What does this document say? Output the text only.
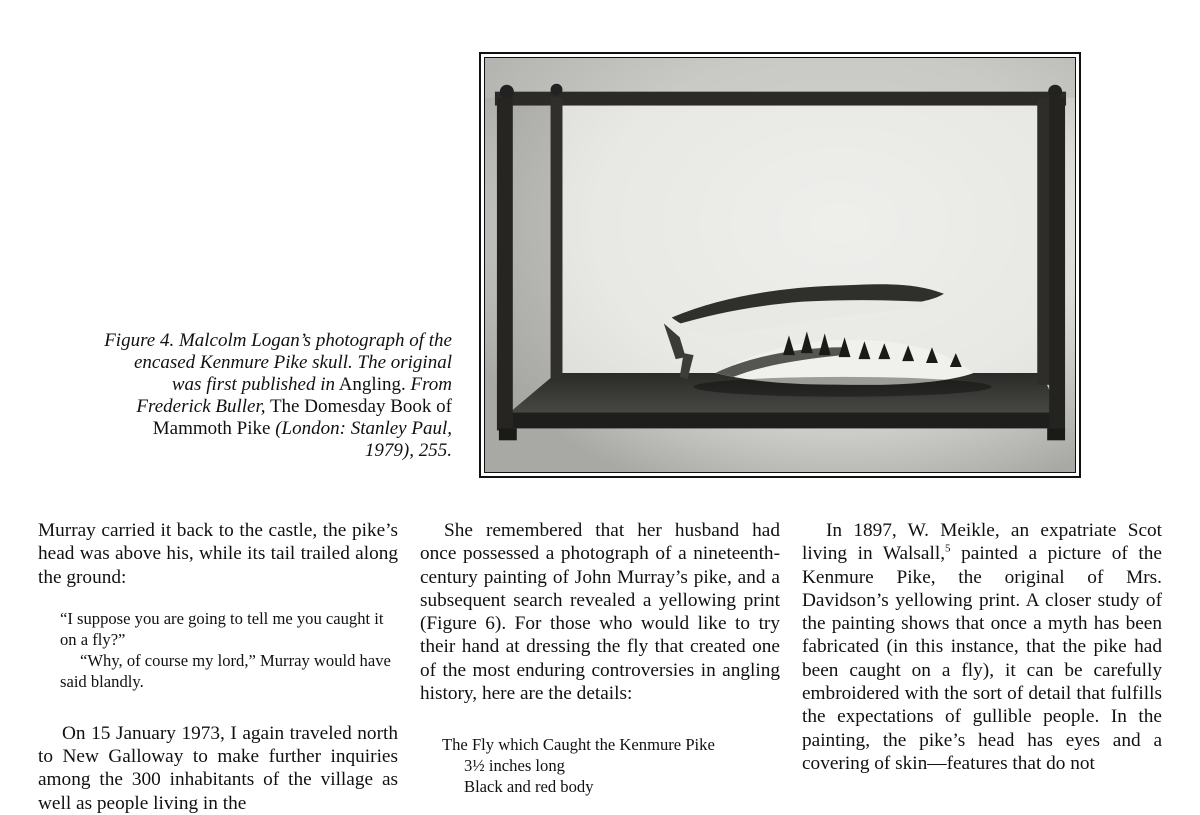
Figure 4. Malcolm Logan’s photograph of the encased Kenmure Pike skull. The original was first published in Angling. From Frederick Buller, The Domesday Book of Mammoth Pike (London: Stanley Paul, 1979), 255.

Murray carried it back to the castle, the pike’s head was above his, while its tail trailed along the ground:

“I suppose you are going to tell me you caught it on a fly?”
“Why, of course my lord,” Murray would have said blandly.

On 15 January 1973, I again traveled north to New Galloway to make further inquiries among the 300 inhabitants of the village as well as people living in the

She remembered that her husband had once possessed a photograph of a nineteenth-century painting of John Murray’s pike, and a subsequent search revealed a yellowing print (Figure 6). For those who would like to try their hand at dressing the fly that created one of the most enduring controversies in angling history, here are the details:

The Fly which Caught the Kenmure Pike
3½ inches long
Black and red body

In 1897, W. Meikle, an expatriate Scot living in Walsall,$^5$ painted a picture of the Kenmure Pike, the original of Mrs. Davidson’s yellowing print. A closer study of the painting shows that once a myth has been fabricated (in this instance, that the pike had been caught on a fly), it can be carefully embroidered with the sort of detail that fulfills the expectations of gullible people. In the painting, the pike’s head has eyes and a covering of skin—features that do not
